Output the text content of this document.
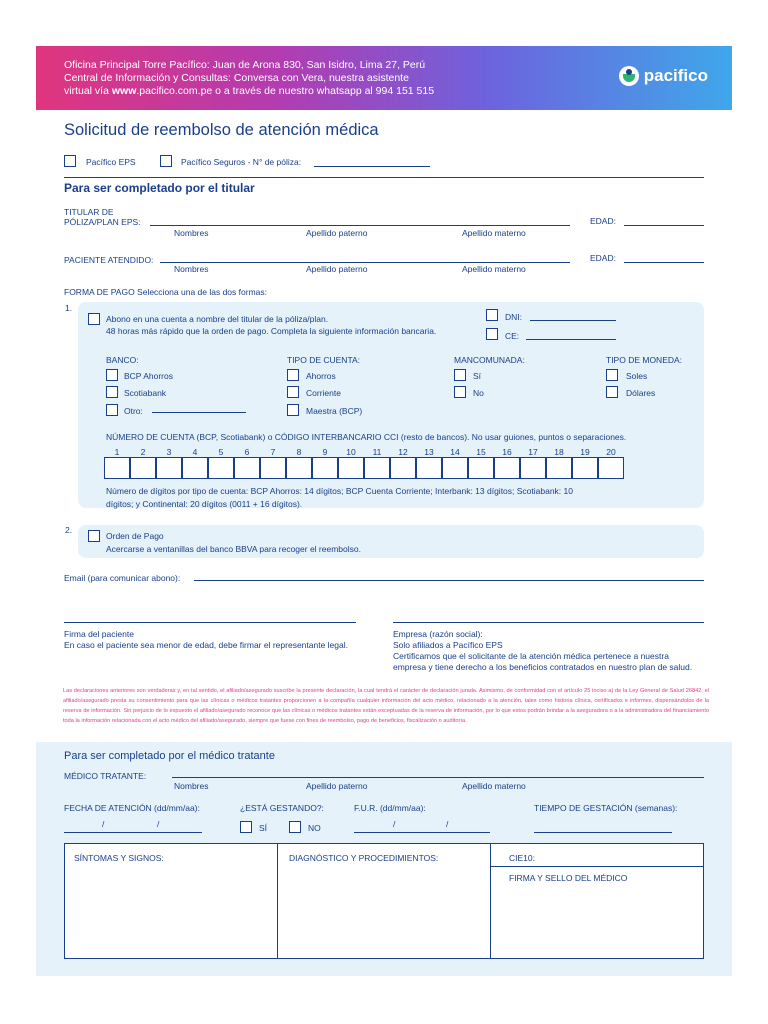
Oficina Principal Torre Pacífico: Juan de Arona 830, San Isidro, Lima 27, Perú
Central de Información y Consultas: Conversa con Vera, nuestra asistente
virtual vía www.pacifico.com.pe o a través de nuestro whatsapp al 994 151 515
pacifico
Solicitud de reembolso de atención médica
Pacífico EPS	Pacífico Seguros - N° de póliza:
Para ser completado por el titular
TITULAR DE
PÓLIZA/PLAN EPS:	EDAD:
Nombres	Apellido paterno	Apellido materno
PACIENTE ATENDIDO:	EDAD:
Nombres	Apellido paterno	Apellido materno
FORMA DE PAGO Selecciona una de las dos formas:
1.
Abono en una cuenta a nombre del titular de la póliza/plan.
48 horas más rápido que la orden de pago. Completa la siguiente información bancaria.
DNI:
CE:
BANCO:
BCP Ahorros
Scotiabank
Otro:
TIPO DE CUENTA:
Ahorros
Corriente
Maestra (BCP)
MANCOMUNADA:
Sí
No
TIPO DE MONEDA:
Soles
Dólares
NÚMERO DE CUENTA (BCP, Scotiabank) o CÓDIGO INTERBANCARIO CCI (resto de bancos). No usar guiones, puntos o separaciones.
1	2	3	4	5	6	7	8	9	10	11	12	13	14	15	16	17	18	19	20
Número de dígitos por tipo de cuenta: BCP Ahorros: 14 dígitos; BCP Cuenta Corriente; Interbank: 13 dígitos; Scotiabank: 10
dígitos; y Continental: 20 dígitos (0011 + 16 dígitos).
2.
Orden de Pago
Acercarse a ventanillas del banco BBVA para recoger el reembolso.
Email (para comunicar abono):
Firma del paciente
En caso el paciente sea menor de edad, debe firmar el representante legal.
Empresa (razón social):
Solo afiliados a Pacífico EPS
Certificamos que el solicitante de la atención médica pertenece a nuestra
empresa y tiene derecho a los beneficios contratados en nuestro plan de salud.
Las declaraciones anteriores son verdaderas y, en tal sentido, el afiliado/asegurado suscribe la presente declaración, la cual tendrá el carácter de declaración jurada. Asimismo, de conformidad con el artículo 25 inciso a) de la Ley General de Salud 26842, el afiliado/asegurado presta su consentimiento para que las clínicas o médicos tratantes proporcionen a la compañía cualquier información del acto médico, relacionado a la atención, tales como historia clínica, certificados e informes, dispensándolos de la reserva de información. Sin perjuicio de lo expuesto el afiliado/asegurado reconoce que las clínicas o médicos tratantes están exceptuadas de la reserva de información, por lo que estos podrán brindar a la aseguradora o a la administradora del financiamiento toda la información relacionada con el acto médico del afiliado/asegurado, siempre que fuese con fines de reembolso, pago de beneficios, fiscalización o auditoría.
Para ser completado por el médico tratante
MÉDICO TRATANTE:
Nombres	Apellido paterno	Apellido materno
FECHA DE ATENCIÓN (dd/mm/aa):
/	/
¿ESTÁ GESTANDO?:
SÍ	NO
F.U.R. (dd/mm/aa):
/	/
TIEMPO DE GESTACIÓN (semanas):
SÍNTOMAS Y SIGNOS:	DIAGNÓSTICO Y PROCEDIMIENTOS:	CIE10:
FIRMA Y SELLO DEL MÉDICO
